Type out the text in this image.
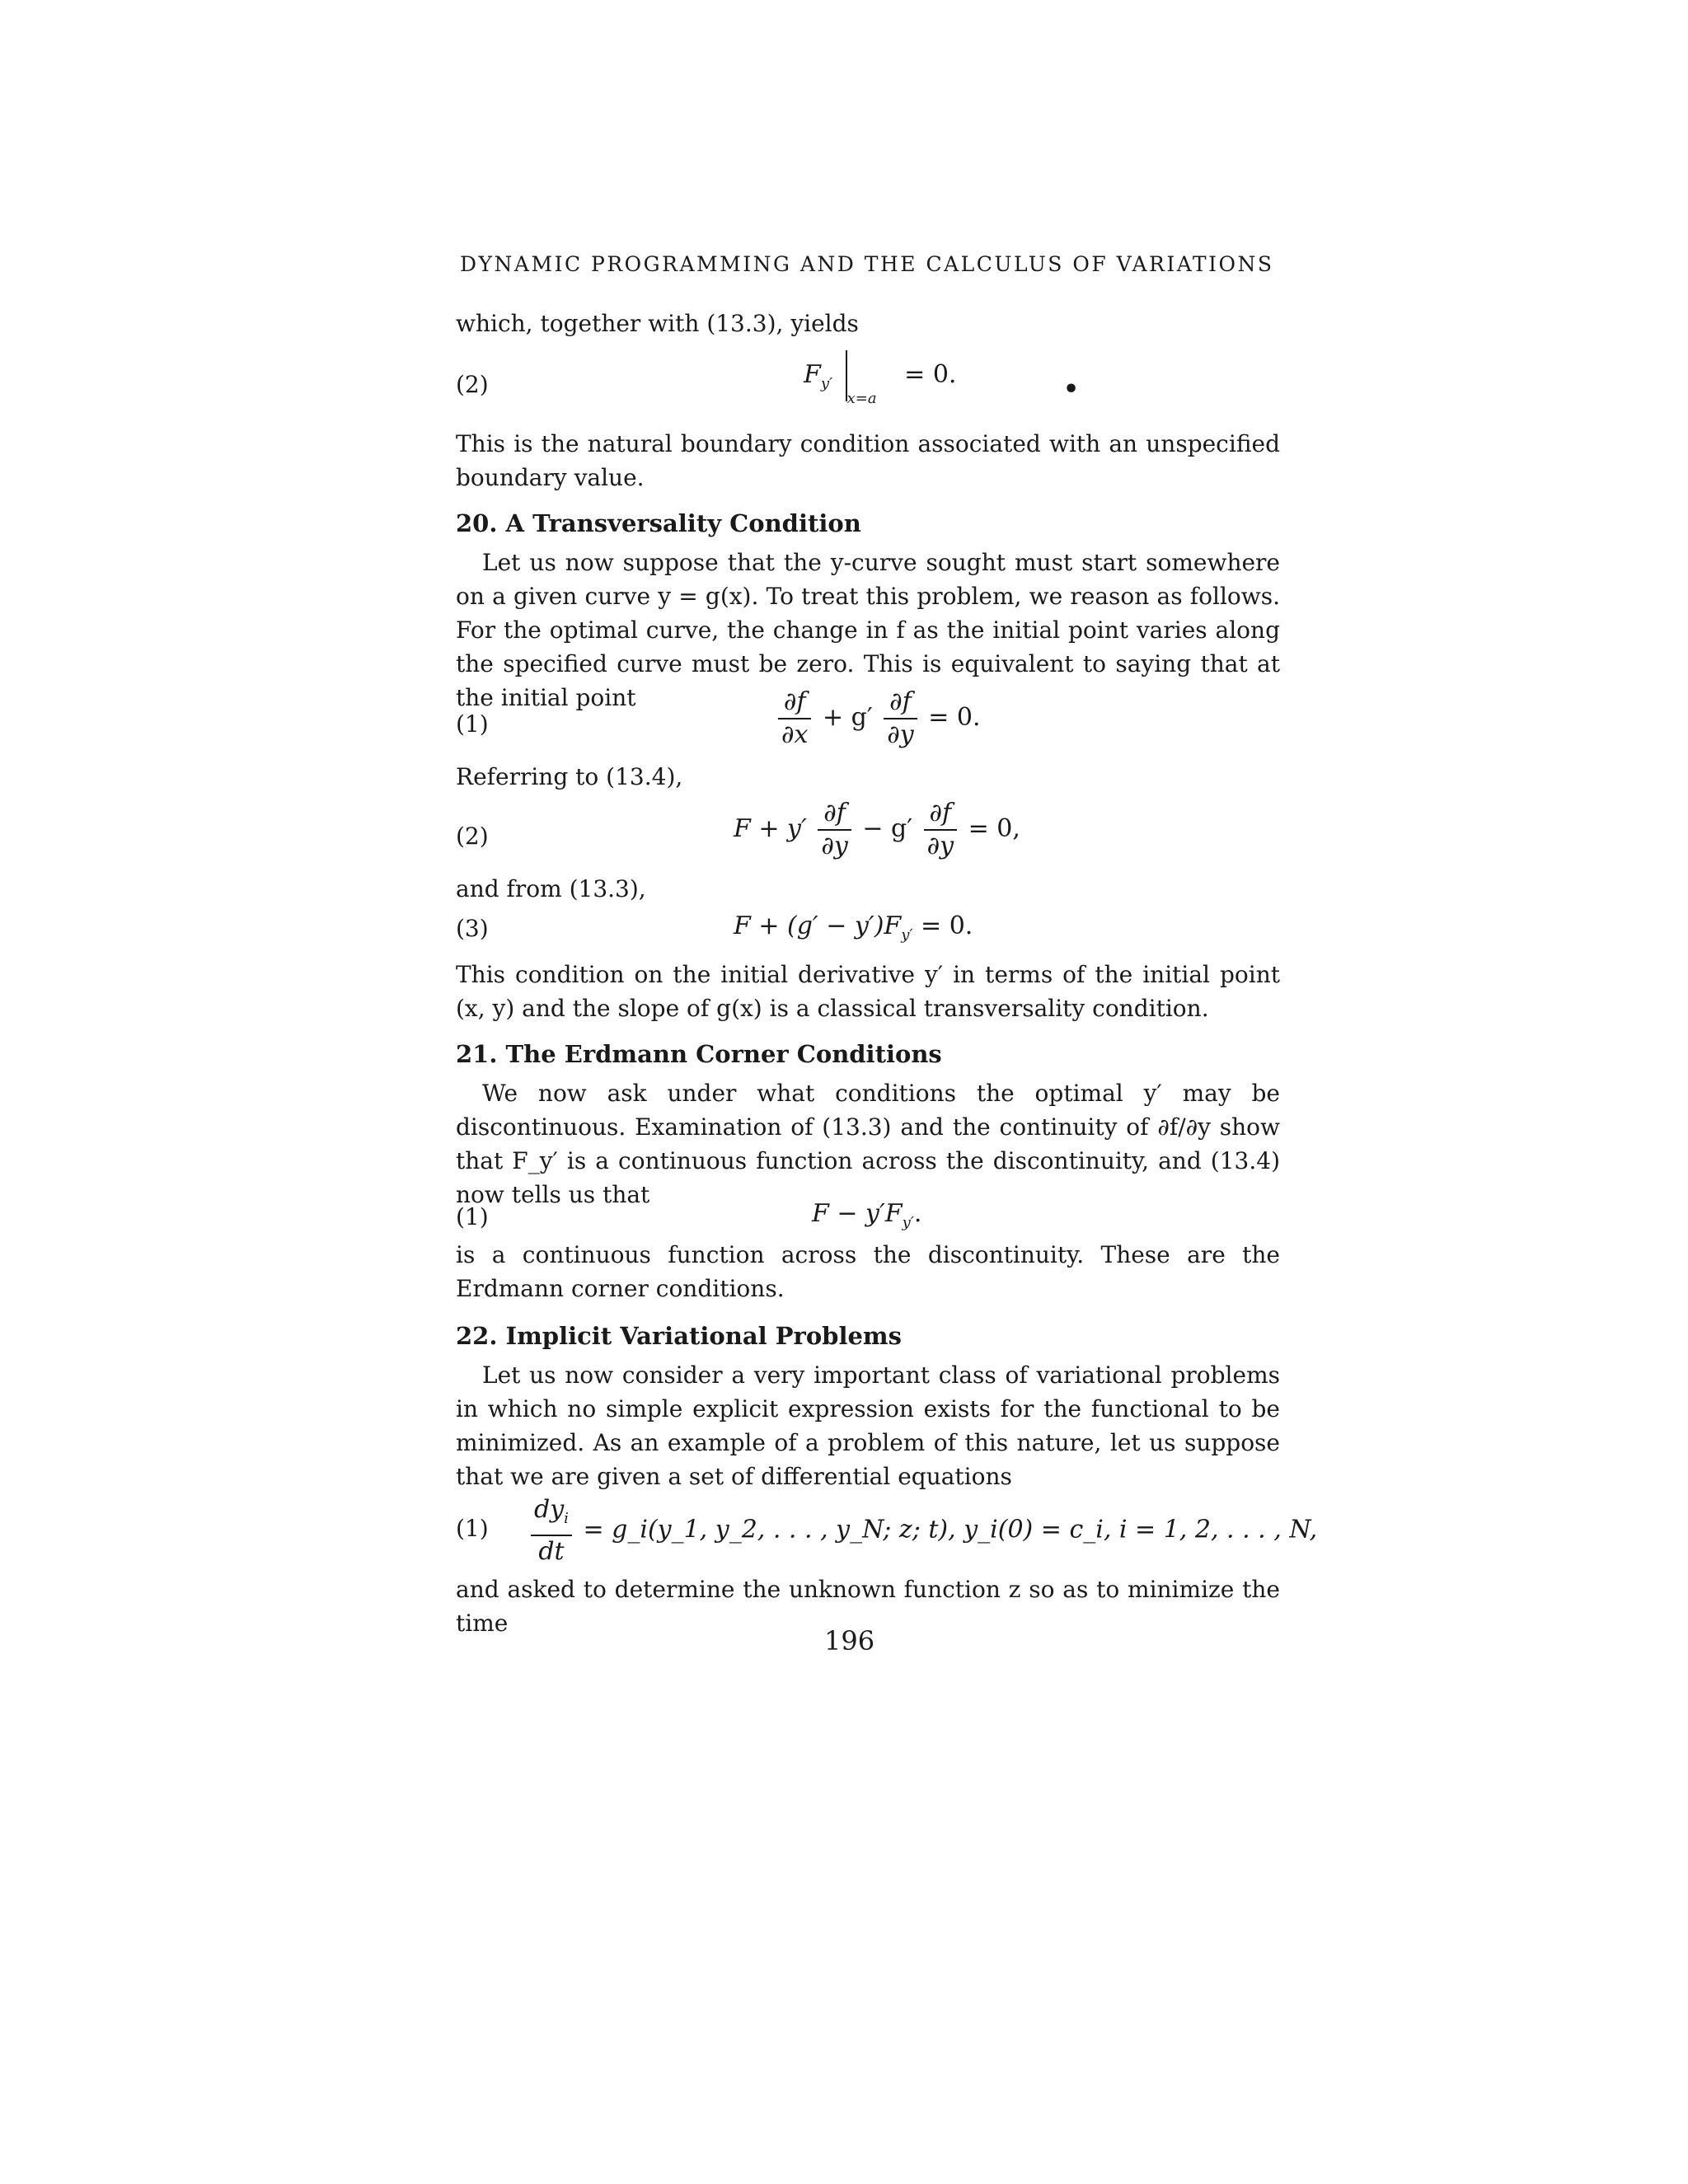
DYNAMIC PROGRAMMING AND THE CALCULUS OF VARIATIONS
which, together with (13.3), yields
(2)	$F_{y'}$ $_{x=a}$ = 0.
•
This is the natural boundary condition associated with an unspecified boundary value.
20. A Transversality Condition
Let us now suppose that the y-curve sought must start somewhere on a given curve y = g(x). To treat this problem, we reason as follows. For the optimal curve, the change in f as the initial point varies along the specified curve must be zero. This is equivalent to saying that at the initial point
(1)	$\frac{\partial f}{\partial x} + g' \frac{\partial f}{\partial y} = 0$.
Referring to (13.4),
(2)	$F + y' \frac{\partial f}{\partial y} - g' \frac{\partial f}{\partial y} = 0$,
and from (13.3),
(3)	$F + (g' - y')F_{y'} = 0$.
This condition on the initial derivative y′ in terms of the initial point (x, y) and the slope of g(x) is a classical transversality condition.
21. The Erdmann Corner Conditions
We now ask under what conditions the optimal y′ may be discontinuous. Examination of (13.3) and the continuity of ∂f/∂y show that F_y′ is a continuous function across the discontinuity, and (13.4) now tells us that
(1)	$F - y'F_{y'}$.
is a continuous function across the discontinuity. These are the Erdmann corner conditions.
22. Implicit Variational Problems
Let us now consider a very important class of variational problems in which no simple explicit expression exists for the functional to be minimized. As an example of a problem of this nature, let us suppose that we are given a set of differential equations
$(1) \frac{dy_i}{dt}$ = g_i(y_1, y_2, . . . , y_N; z; t), y_i(0) = c_i, i = 1, 2, . . . , N,
and asked to determine the unknown function z so as to minimize the time
196
